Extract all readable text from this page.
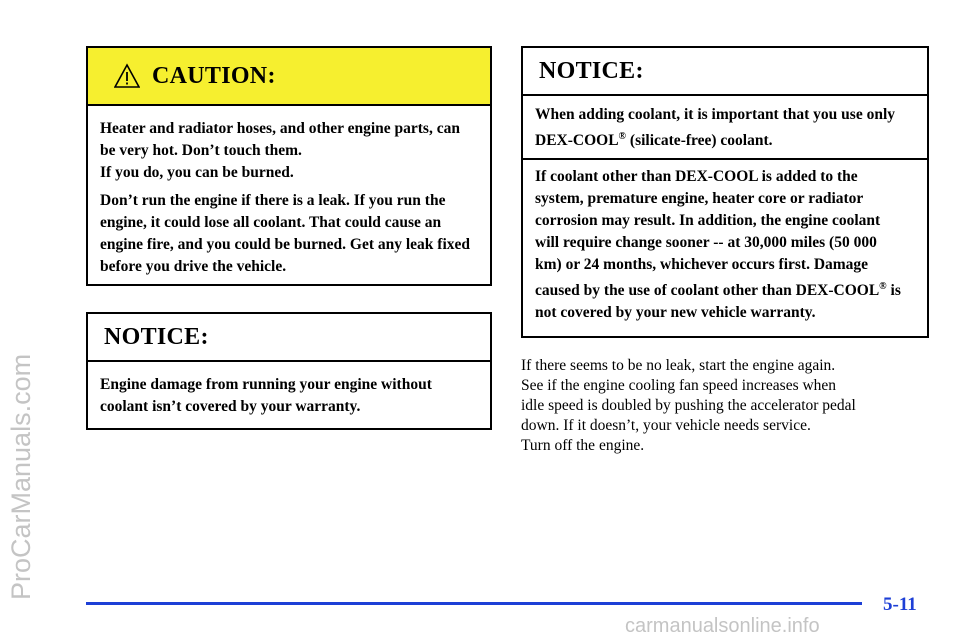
ProCarManuals.com
CAUTION:

Heater and radiator hoses, and other engine parts, can be very hot. Don’t touch them.
If you do, you can be burned.

Don’t run the engine if there is a leak. If you run the engine, it could lose all coolant. That could cause an engine fire, and you could be burned. Get any leak fixed before you drive the vehicle.

NOTICE:

Engine damage from running your engine without coolant isn’t covered by your warranty.

NOTICE:

When adding coolant, it is important that you use only DEX-COOL® (silicate-free) coolant.

If coolant other than DEX-COOL is added to the system, premature engine, heater core or radiator corrosion may result. In addition, the engine coolant will require change sooner -- at 30,000 miles (50 000 km) or 24 months, whichever occurs first. Damage caused by the use of coolant other than DEX-COOL® is not covered by your new vehicle warranty.

If there seems to be no leak, start the engine again.
See if the engine cooling fan speed increases when
idle speed is doubled by pushing the accelerator pedal
down. If it doesn’t, your vehicle needs service.
Turn off the engine.
5-11
carmanualsonline.info
